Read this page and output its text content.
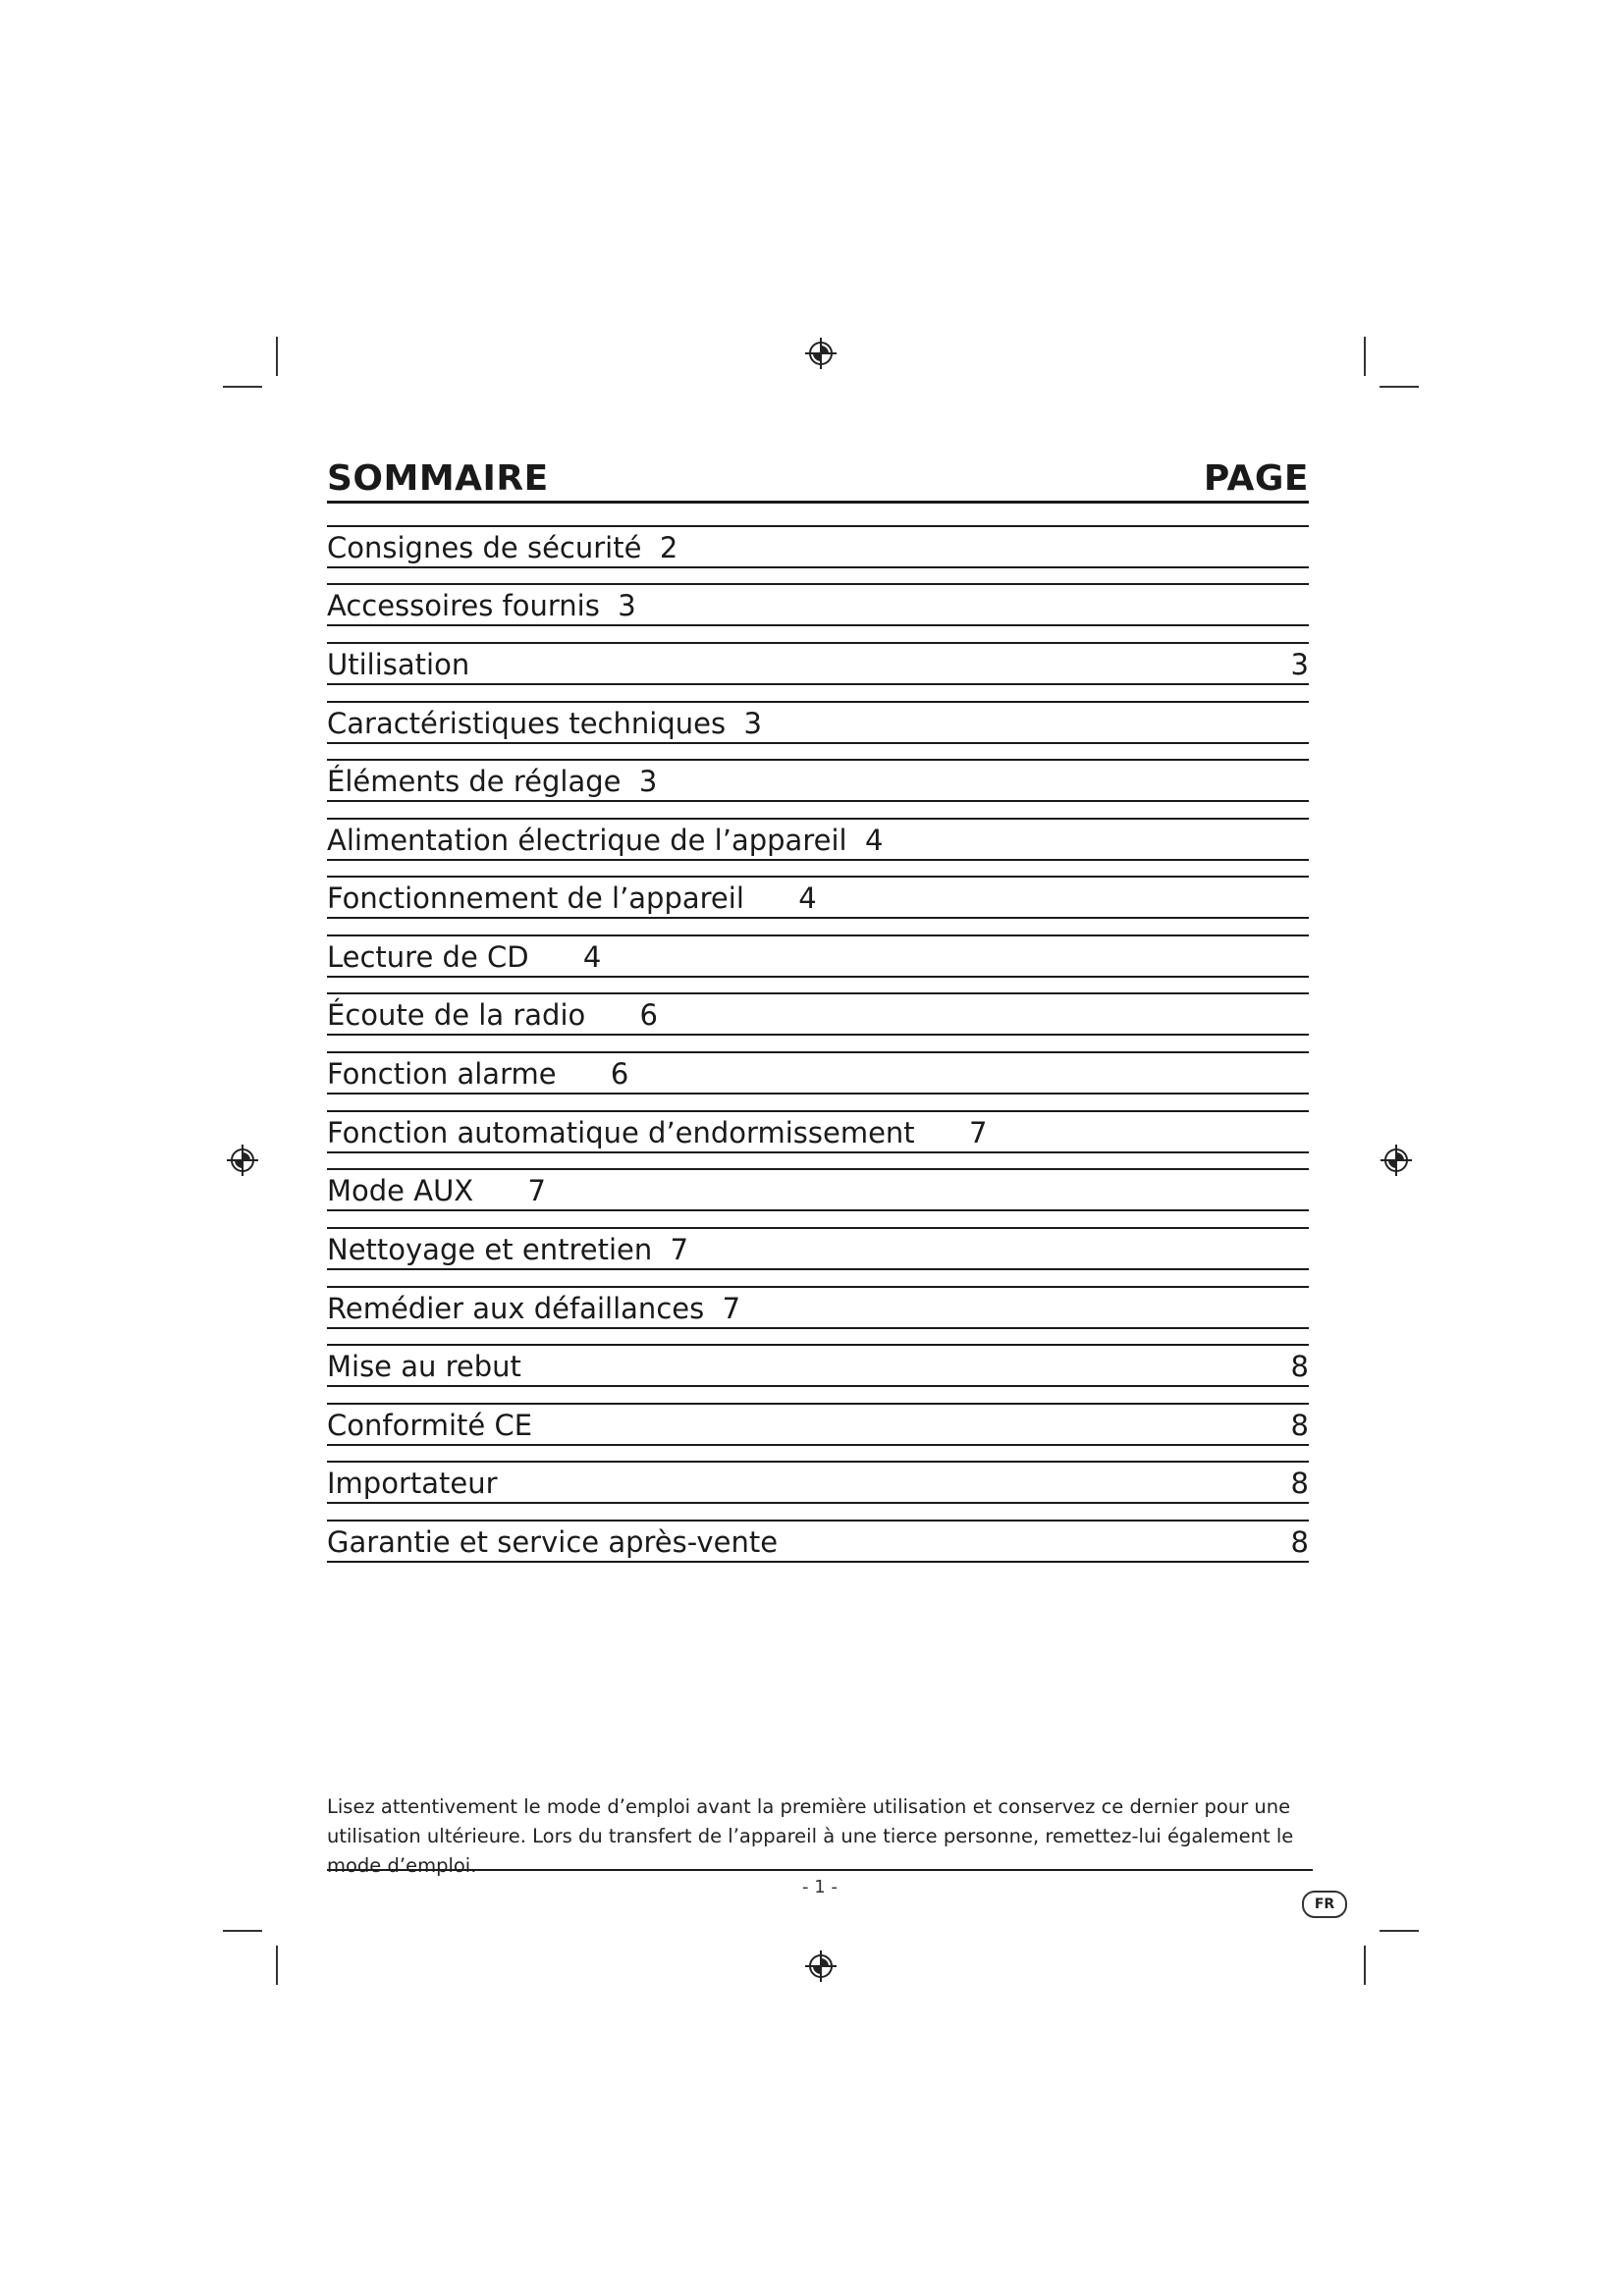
SOMMAIRE	PAGE
Consignes de sécurité  2
Accessoires fournis  3
Utilisation	3
Caractéristiques techniques  3
Éléments de réglage  3
Alimentation électrique de l’appareil  4
Fonctionnement de l’appareil      4
Lecture de CD      4
Écoute de la radio      6
Fonction alarme      6
Fonction automatique d’endormissement      7
Mode AUX      7
Nettoyage et entretien  7
Remédier aux défaillances  7
Mise au rebut	8
Conformité CE	8
Importateur	8
Garantie et service après-vente	8
Lisez attentivement le mode d’emploi avant la première utilisation et conservez ce dernier pour une utilisation ultérieure. Lors du transfert de l’appareil à une tierce personne, remettez-lui également le mode d’emploi.
- 1 -
FR
